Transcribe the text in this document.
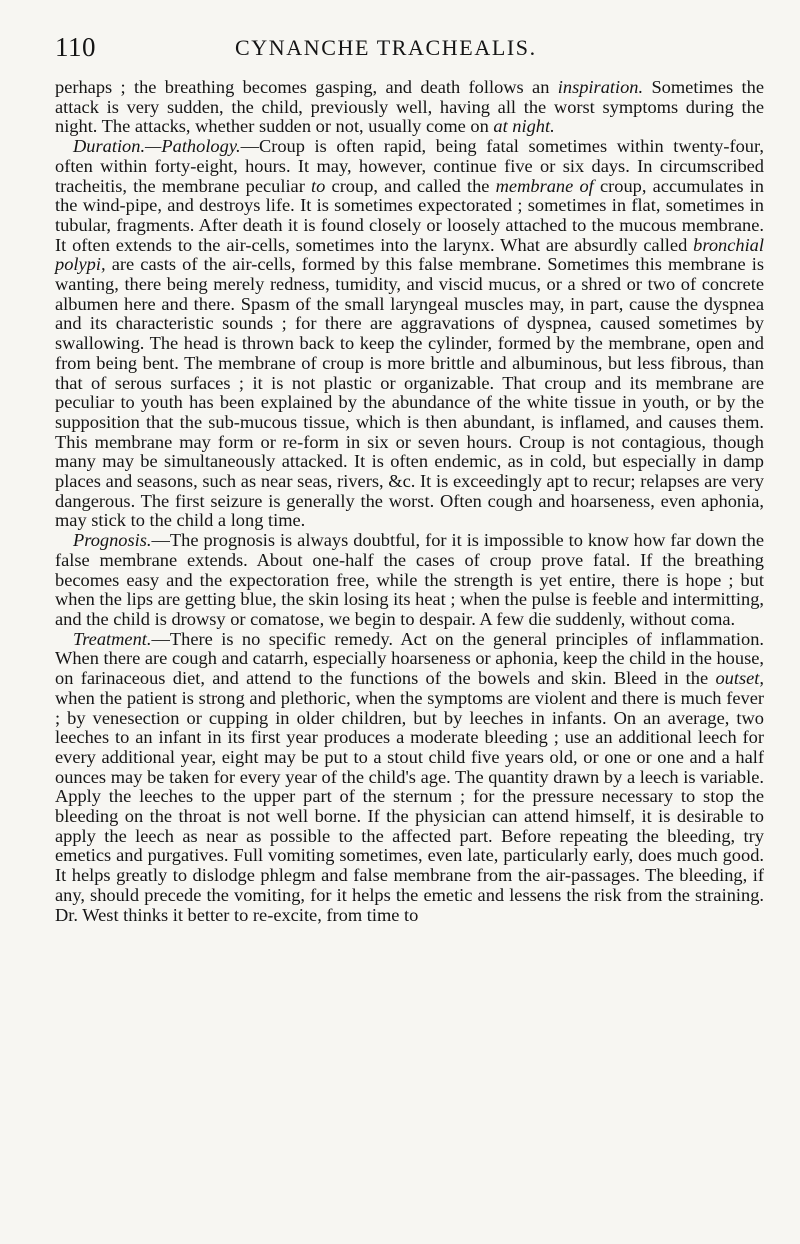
110	CYNANCHE TRACHEALIS.

perhaps ; the breathing becomes gasping, and death follows an inspiration. Sometimes the attack is very sudden, the child, previously well, having all the worst symptoms during the night. The attacks, whether sudden or not, usually come on at night.

Duration.—Pathology.—Croup is often rapid, being fatal sometimes within twenty-four, often within forty-eight, hours. It may, however, continue five or six days. In circumscribed tracheitis, the membrane peculiar to croup, and called the membrane of croup, accumulates in the wind-pipe, and destroys life. It is sometimes expectorated ; sometimes in flat, sometimes in tubular, fragments. After death it is found closely or loosely attached to the mucous membrane. It often extends to the air-cells, sometimes into the larynx. What are absurdly called bronchial polypi, are casts of the air-cells, formed by this false membrane. Sometimes this membrane is wanting, there being merely redness, tumidity, and viscid mucus, or a shred or two of concrete albumen here and there. Spasm of the small laryngeal muscles may, in part, cause the dyspnea and its characteristic sounds ; for there are aggravations of dyspnea, caused sometimes by swallowing. The head is thrown back to keep the cylinder, formed by the membrane, open and from being bent. The membrane of croup is more brittle and albuminous, but less fibrous, than that of serous surfaces ; it is not plastic or organizable. That croup and its membrane are peculiar to youth has been explained by the abundance of the white tissue in youth, or by the supposition that the sub-mucous tissue, which is then abundant, is inflamed, and causes them. This membrane may form or re-form in six or seven hours. Croup is not contagious, though many may be simultaneously attacked. It is often endemic, as in cold, but especially in damp places and seasons, such as near seas, rivers, &c. It is exceedingly apt to recur; relapses are very dangerous. The first seizure is generally the worst. Often cough and hoarseness, even aphonia, may stick to the child a long time.

Prognosis.—The prognosis is always doubtful, for it is impossible to know how far down the false membrane extends. About one-half the cases of croup prove fatal. If the breathing becomes easy and the expectoration free, while the strength is yet entire, there is hope ; but when the lips are getting blue, the skin losing its heat ; when the pulse is feeble and intermitting, and the child is drowsy or comatose, we begin to despair. A few die suddenly, without coma.

Treatment.—There is no specific remedy. Act on the general principles of inflammation. When there are cough and catarrh, especially hoarseness or aphonia, keep the child in the house, on farinaceous diet, and attend to the functions of the bowels and skin. Bleed in the outset, when the patient is strong and plethoric, when the symptoms are violent and there is much fever ; by venesection or cupping in older children, but by leeches in infants. On an average, two leeches to an infant in its first year produces a moderate bleeding ; use an additional leech for every additional year, eight may be put to a stout child five years old, or one or one and a half ounces may be taken for every year of the child's age. The quantity drawn by a leech is variable. Apply the leeches to the upper part of the sternum ; for the pressure necessary to stop the bleeding on the throat is not well borne. If the physician can attend himself, it is desirable to apply the leech as near as possible to the affected part. Before repeating the bleeding, try emetics and purgatives. Full vomiting sometimes, even late, particularly early, does much good. It helps greatly to dislodge phlegm and false membrane from the air-passages. The bleeding, if any, should precede the vomiting, for it helps the emetic and lessens the risk from the straining. Dr. West thinks it better to re-excite, from time to
